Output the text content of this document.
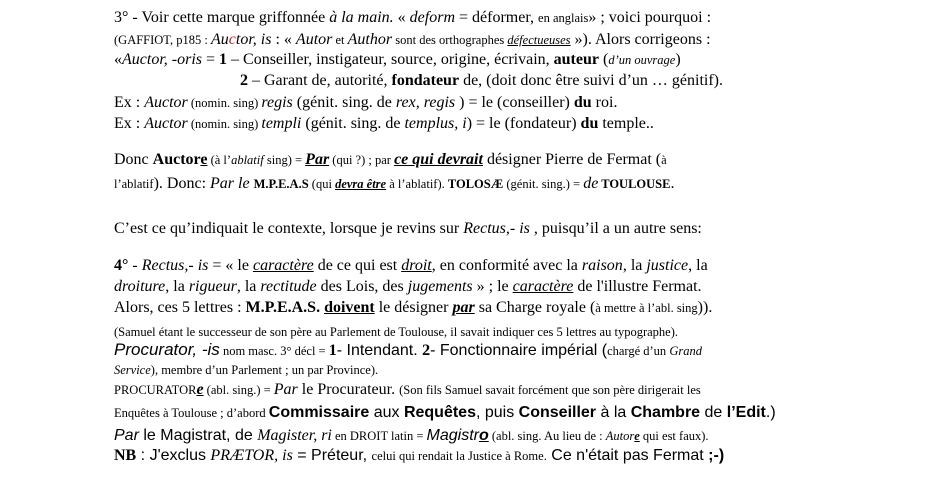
3° - Voir cette marque griffonnée à la main. « deform = déformer, en anglais» ; voici pourquoi :
(GAFFIOT, p185 : Auctor, is : « Autor et Author sont des orthographes défectueuses »). Alors corrigeons :
«Auctor, -oris = 1 – Conseiller, instigateur, source, origine, écrivain, auteur (d’un ouvrage)
2 – Garant de, autorité, fondateur de, (doit donc être suivi d’un … génitif).
Ex : Auctor (nomin. sing) regis (génit. sing. de rex, regis ) = le (conseiller) du roi.
Ex : Auctor (nomin. sing) templi (génit. sing. de templus, i) = le (fondateur) du temple..
Donc Auctore (à l’ablatif sing) = Par (qui ?) ; par ce qui devrait désigner Pierre de Fermat (à
l’ablatif). Donc: Par le M.P.E.A.S (qui devra être à l’ablatif). TOLOSÆ (génit. sing.) = de TOULOUSE.
C’est ce qu’indiquait le contexte, lorsque je revins sur Rectus,- is , puisqu’il a un autre sens:
4° - Rectus,- is = « le caractère de ce qui est droit, en conformité avec la raison, la justice, la
droiture, la rigueur, la rectitude des Lois, des jugements » ; le caractère de l'illustre Fermat.
Alors, ces 5 lettres : M.P.E.A.S. doivent le désigner par sa Charge royale (à mettre à l’abl. sing)).
(Samuel étant le successeur de son père au Parlement de Toulouse, il savait indiquer ces 5 lettres au typographe).
Procurator, -is nom masc. 3° décl = 1- Intendant. 2- Fonctionnaire impérial (chargé d’un Grand
Service), membre d’un Parlement ; un par Province).
PROCURATORe (abl. sing.) = Par le Procurateur. (Son fils Samuel savait forcément que son père dirigerait les
Enquêtes à Toulouse ; d’abord Commissaire aux Requêtes, puis Conseiller à la Chambre de l’Edit.)
Par le Magistrat, de Magister, ri en DROIT latin = Magistro (abl. sing. Au lieu de : Autore qui est faux).
NB : J'exclus PRÆTOR, is = Préteur, celui qui rendait la Justice à Rome. Ce n'était pas Fermat ;-)
